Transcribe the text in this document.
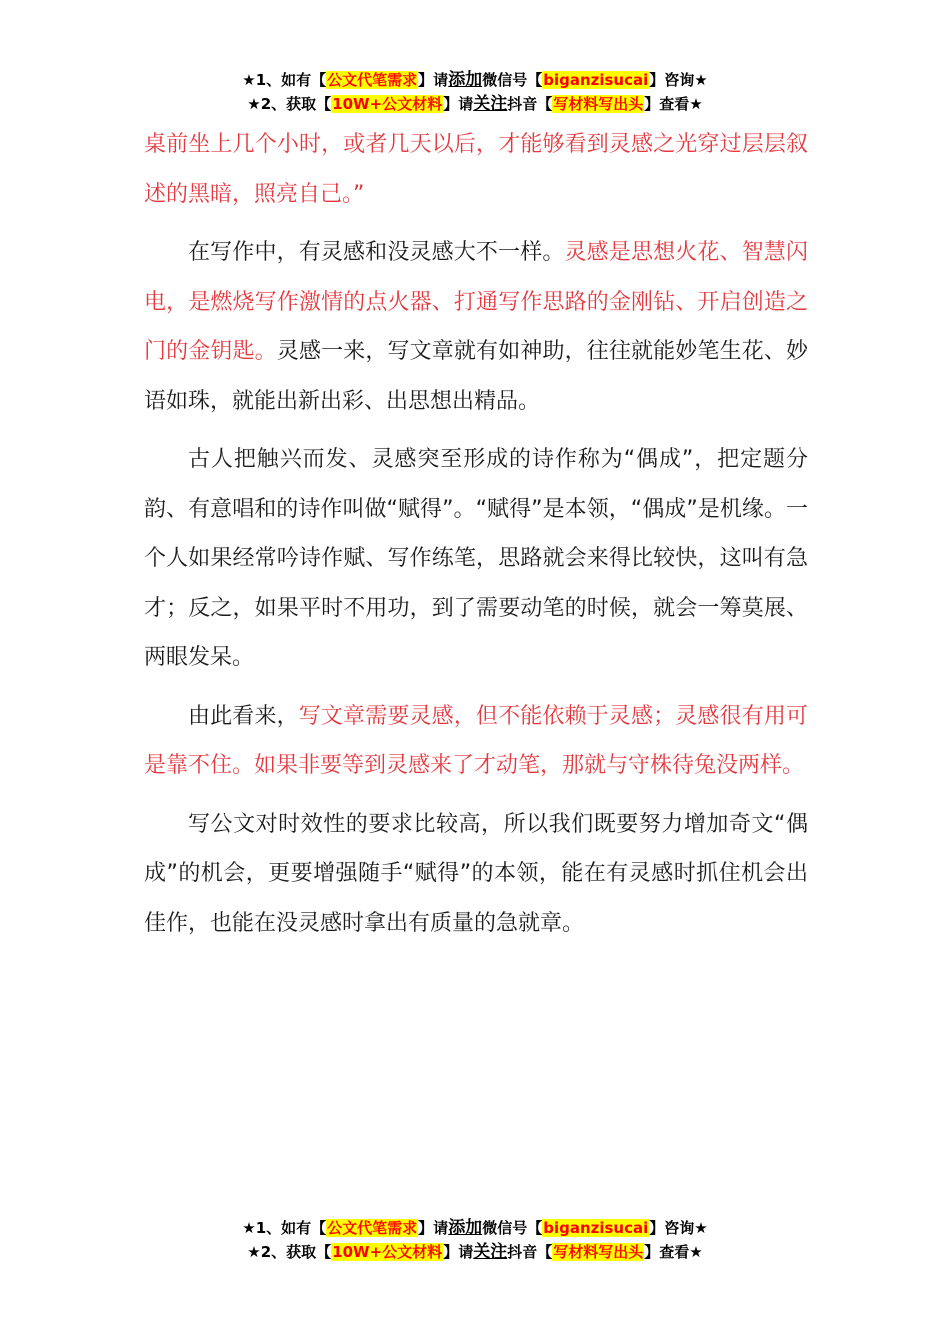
★1、如有【公文代笔需求】请添加微信号【biganzisucai】咨询★
★2、获取【10W+公文材料】请关注抖音【写材料写出头】查看★

桌前坐上几个小时，或者几天以后，才能够看到灵感之光穿过层层叙述的黑暗，照亮自己。”

在写作中，有灵感和没灵感大不一样。灵感是思想火花、智慧闪电，是燃烧写作激情的点火器、打通写作思路的金刚钻、开启创造之门的金钥匙。灵感一来，写文章就有如神助，往往就能妙笔生花、妙语如珠，就能出新出彩、出思想出精品。

古人把触兴而发、灵感突至形成的诗作称为“偶成”，把定题分韵、有意唱和的诗作叫做“赋得”。“赋得”是本领，“偶成”是机缘。一个人如果经常吟诗作赋、写作练笔，思路就会来得比较快，这叫有急才；反之，如果平时不用功，到了需要动笔的时候，就会一筹莫展、两眼发呆。

由此看来，写文章需要灵感，但不能依赖于灵感；灵感很有用可是靠不住。如果非要等到灵感来了才动笔，那就与守株待兔没两样。

写公文对时效性的要求比较高，所以我们既要努力增加奇文“偶成”的机会，更要增强随手“赋得”的本领，能在有灵感时抓住机会出佳作，也能在没灵感时拿出有质量的急就章。

★1、如有【公文代笔需求】请添加微信号【biganzisucai】咨询★
★2、获取【10W+公文材料】请关注抖音【写材料写出头】查看★
